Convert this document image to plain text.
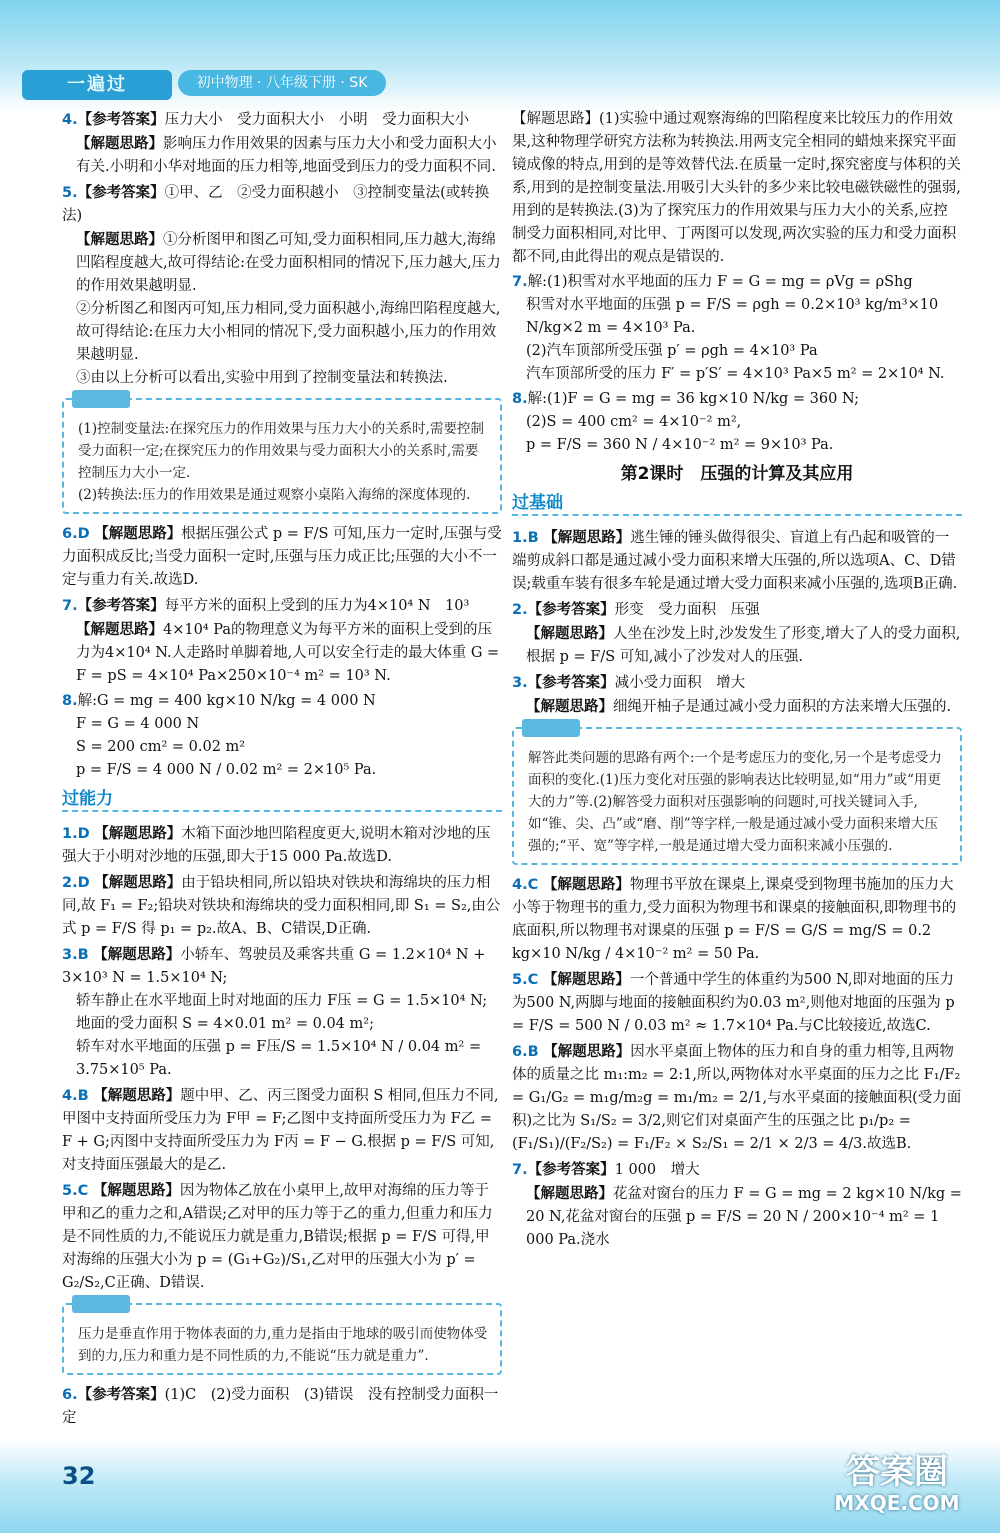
一遍过	初中物理 · 八年级下册 · SK
4.【参考答案】压力大小　受力面积大小　小明　受力面积大小
【解题思路】影响压力作用效果的因素与压力大小和受力面积大小有关.小明和小华对地面的压力相等,地面受到压力的受力面积不同.
5.【参考答案】①甲、乙　②受力面积越小　③控制变量法(或转换法)
【解题思路】①分析图甲和图乙可知,受力面积相同,压力越大,海绵凹陷程度越大,故可得结论:在受力面积相同的情况下,压力越大,压力的作用效果越明显.
②分析图乙和图丙可知,压力相同,受力面积越小,海绵凹陷程度越大,故可得结论:在压力大小相同的情况下,受力面积越小,压力的作用效果越明显.
③由以上分析可以看出,实验中用到了控制变量法和转换法.
(1)控制变量法:在探究压力的作用效果与压力大小的关系时,需要控制受力面积一定;在探究压力的作用效果与受力面积大小的关系时,需要控制压力大小一定.
(2)转换法:压力的作用效果是通过观察小桌陷入海绵的深度体现的.
6.D 【解题思路】根据压强公式 p = F/S 可知,压力一定时,压强与受力面积成反比;当受力面积一定时,压强与压力成正比;压强的大小不一定与重力有关.故选D.
7.【参考答案】每平方米的面积上受到的压力为4×10⁴ N　10³
【解题思路】4×10⁴ Pa的物理意义为每平方米的面积上受到的压力为4×10⁴ N.人走路时单脚着地,人可以安全行走的最大体重 G = F = pS = 4×10⁴ Pa×250×10⁻⁴ m² = 10³ N.
8.解:G = mg = 400 kg×10 N/kg = 4 000 N
F = G = 4 000 N
S = 200 cm² = 0.02 m²
p = F/S = 4 000 N / 0.02 m² = 2×10⁵ Pa.
过能力
1.D 【解题思路】木箱下面沙地凹陷程度更大,说明木箱对沙地的压强大于小明对沙地的压强,即大于15 000 Pa.故选D.
2.D 【解题思路】由于铅块相同,所以铅块对铁块和海绵块的压力相同,故 F₁ = F₂;铅块对铁块和海绵块的受力面积相同,即 S₁ = S₂,由公式 p = F/S 得 p₁ = p₂.故A、B、C错误,D正确.
3.B 【解题思路】小轿车、驾驶员及乘客共重 G = 1.2×10⁴ N + 3×10³ N = 1.5×10⁴ N;
轿车静止在水平地面上时对地面的压力 F压 = G = 1.5×10⁴ N;
地面的受力面积 S = 4×0.01 m² = 0.04 m²;
轿车对水平地面的压强 p = F压/S = 1.5×10⁴ N / 0.04 m² = 3.75×10⁵ Pa.
4.B 【解题思路】题中甲、乙、丙三图受力面积 S 相同,但压力不同,甲图中支持面所受压力为 F甲 = F;乙图中支持面所受压力为 F乙 = F + G;丙图中支持面所受压力为 F丙 = F − G.根据 p = F/S 可知,对支持面压强最大的是乙.
5.C 【解题思路】因为物体乙放在小桌甲上,故甲对海绵的压力等于甲和乙的重力之和,A错误;乙对甲的压力等于乙的重力,但重力和压力是不同性质的力,不能说压力就是重力,B错误;根据 p = F/S 可得,甲对海绵的压强大小为 p = (G₁+G₂)/S₁,乙对甲的压强大小为 p′ = G₂/S₂,C正确、D错误.
压力是垂直作用于物体表面的力,重力是指由于地球的吸引而使物体受到的力,压力和重力是不同性质的力,不能说“压力就是重力”.
6.【参考答案】(1)C　(2)受力面积　(3)错误　没有控制受力面积一定
【解题思路】(1)实验中通过观察海绵的凹陷程度来比较压力的作用效果,这种物理学研究方法称为转换法.用两支完全相同的蜡烛来探究平面镜成像的特点,用到的是等效替代法.在质量一定时,探究密度与体积的关系,用到的是控制变量法.用吸引大头针的多少来比较电磁铁磁性的强弱,用到的是转换法.(3)为了探究压力的作用效果与压力大小的关系,应控制受力面积相同,对比甲、丁两图可以发现,两次实验的压力和受力面积都不同,由此得出的观点是错误的.
7.解:(1)积雪对水平地面的压力 F = G = mg = ρVg = ρShg
积雪对水平地面的压强 p = F/S = ρgh = 0.2×10³ kg/m³×10 N/kg×2 m = 4×10³ Pa.
(2)汽车顶部所受压强 p′ = ρgh = 4×10³ Pa
汽车顶部所受的压力 F′ = p′S′ = 4×10³ Pa×5 m² = 2×10⁴ N.
8.解:(1)F = G = mg = 36 kg×10 N/kg = 360 N;
(2)S = 400 cm² = 4×10⁻² m²,
p = F/S = 360 N / 4×10⁻² m² = 9×10³ Pa.
第2课时　压强的计算及其应用
过基础
1.B 【解题思路】逃生锤的锤头做得很尖、盲道上有凸起和吸管的一端剪成斜口都是通过减小受力面积来增大压强的,所以选项A、C、D错误;载重车装有很多车轮是通过增大受力面积来减小压强的,选项B正确.
2.【参考答案】形变　受力面积　压强
【解题思路】人坐在沙发上时,沙发发生了形变,增大了人的受力面积,根据 p = F/S 可知,减小了沙发对人的压强.
3.【参考答案】减小受力面积　增大
【解题思路】细绳开柚子是通过减小受力面积的方法来增大压强的.
解答此类问题的思路有两个:一个是考虑压力的变化,另一个是考虑受力面积的变化.(1)压力变化对压强的影响表达比较明显,如“用力”或“用更大的力”等.(2)解答受力面积对压强影响的问题时,可找关键词入手,如“锥、尖、凸”或“磨、削”等字样,一般是通过减小受力面积来增大压强的;“平、宽”等字样,一般是通过增大受力面积来减小压强的.
4.C 【解题思路】物理书平放在课桌上,课桌受到物理书施加的压力大小等于物理书的重力,受力面积为物理书和课桌的接触面积,即物理书的底面积,所以物理书对课桌的压强 p = F/S = G/S = mg/S = 0.2 kg×10 N/kg / 4×10⁻² m² = 50 Pa.
5.C 【解题思路】一个普通中学生的体重约为500 N,即对地面的压力为500 N,两脚与地面的接触面积约为0.03 m²,则他对地面的压强为 p = F/S = 500 N / 0.03 m² ≈ 1.7×10⁴ Pa.与C比较接近,故选C.
6.B 【解题思路】因水平桌面上物体的压力和自身的重力相等,且两物体的质量之比 m₁:m₂ = 2:1,所以,两物体对水平桌面的压力之比 F₁/F₂ = G₁/G₂ = m₁g/m₂g = m₁/m₂ = 2/1,与水平桌面的接触面积(受力面积)之比为 S₁/S₂ = 3/2,则它们对桌面产生的压强之比 p₁/p₂ = (F₁/S₁)/(F₂/S₂) = F₁/F₂ × S₂/S₁ = 2/1 × 2/3 = 4/3.故选B.
7.【参考答案】1 000　增大
【解题思路】花盆对窗台的压力 F = G = mg = 2 kg×10 N/kg = 20 N,花盆对窗台的压强 p = F/S = 20 N / 200×10⁻⁴ m² = 1 000 Pa.浇水
32	答案圈
MXQE.COM
